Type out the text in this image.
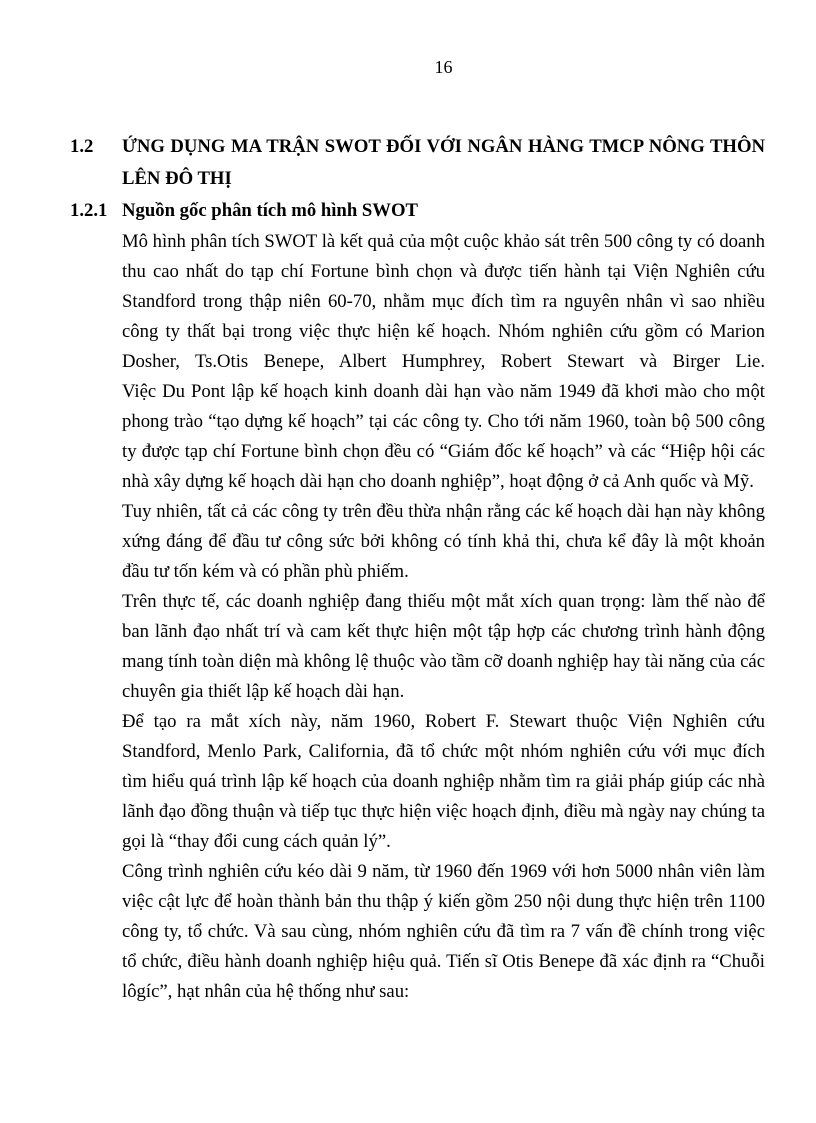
16
1.2 ỨNG DỤNG MA TRẬN SWOT ĐỐI VỚI NGÂN HÀNG TMCP NÔNG THÔN LÊN ĐÔ THỊ
1.2.1 Nguồn gốc phân tích mô hình SWOT

Mô hình phân tích SWOT là kết quả của một cuộc khảo sát trên 500 công ty có doanh thu cao nhất do tạp chí Fortune bình chọn và được tiến hành tại Viện Nghiên cứu Standford trong thập niên 60-70, nhằm mục đích tìm ra nguyên nhân vì sao nhiều công ty thất bại trong việc thực hiện kế hoạch. Nhóm nghiên cứu gồm có Marion Dosher, Ts.Otis Benepe, Albert Humphrey, Robert Stewart và Birger Lie.

Việc Du Pont lập kế hoạch kinh doanh dài hạn vào năm 1949 đã khơi mào cho một phong trào “tạo dựng kế hoạch” tại các công ty. Cho tới năm 1960, toàn bộ 500 công ty được tạp chí Fortune bình chọn đều có “Giám đốc kế hoạch” và các “Hiệp hội các nhà xây dựng kế hoạch dài hạn cho doanh nghiệp”, hoạt động ở cả Anh quốc và Mỹ.

Tuy nhiên, tất cả các công ty trên đều thừa nhận rằng các kế hoạch dài hạn này không xứng đáng để đầu tư công sức bởi không có tính khả thi, chưa kể đây là một khoản đầu tư tốn kém và có phần phù phiếm.

Trên thực tế, các doanh nghiệp đang thiếu một mắt xích quan trọng: làm thế nào để ban lãnh đạo nhất trí và cam kết thực hiện một tập hợp các chương trình hành động mang tính toàn diện mà không lệ thuộc vào tầm cỡ doanh nghiệp hay tài năng của các chuyên gia thiết lập kế hoạch dài hạn.

Để tạo ra mắt xích này, năm 1960, Robert F. Stewart thuộc Viện Nghiên cứu Standford, Menlo Park, California, đã tổ chức một nhóm nghiên cứu với mục đích tìm hiểu quá trình lập kế hoạch của doanh nghiệp nhằm tìm ra giải pháp giúp các nhà lãnh đạo đồng thuận và tiếp tục thực hiện việc hoạch định, điều mà ngày nay chúng ta gọi là “thay đổi cung cách quản lý”.

Công trình nghiên cứu kéo dài 9 năm, từ 1960 đến 1969 với hơn 5000 nhân viên làm việc cật lực để hoàn thành bản thu thập ý kiến gồm 250 nội dung thực hiện trên 1100 công ty, tổ chức. Và sau cùng, nhóm nghiên cứu đã tìm ra 7 vấn đề chính trong việc tổ chức, điều hành doanh nghiệp hiệu quả. Tiến sĩ Otis Benepe đã xác định ra “Chuỗi lôgíc”, hạt nhân của hệ thống như sau:
